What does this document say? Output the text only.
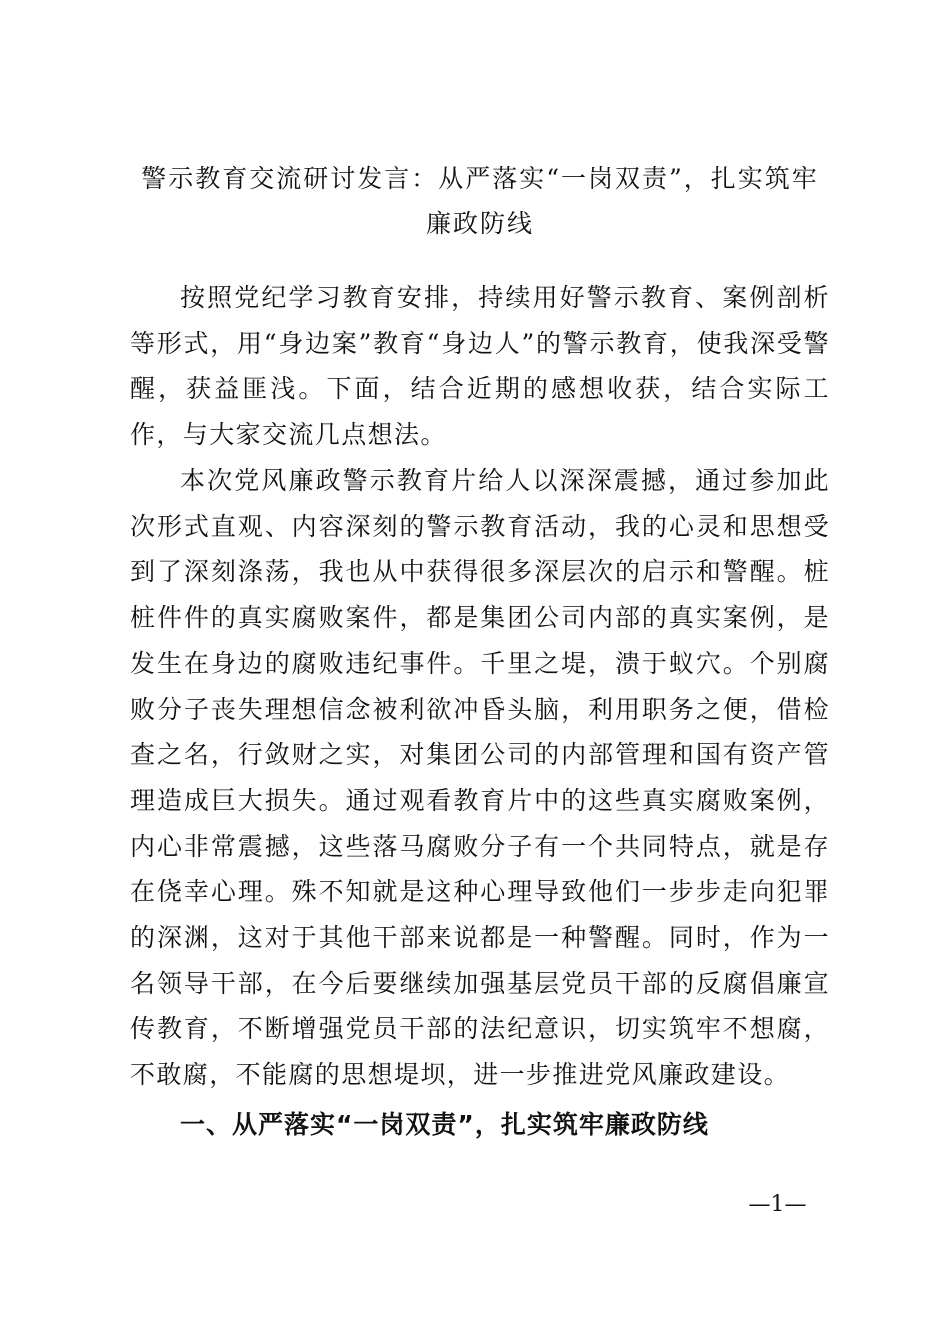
警示教育交流研讨发言：从严落实“一岗双责”，扎实筑牢廉政防线

按照党纪学习教育安排，持续用好警示教育、案例剖析等形式，用“身边案”教育“身边人”的警示教育，使我深受警醒，获益匪浅。下面，结合近期的感想收获，结合实际工作，与大家交流几点想法。

本次党风廉政警示教育片给人以深深震撼，通过参加此次形式直观、内容深刻的警示教育活动，我的心灵和思想受到了深刻涤荡，我也从中获得很多深层次的启示和警醒。桩桩件件的真实腐败案件，都是集团公司内部的真实案例，是发生在身边的腐败违纪事件。千里之堤，溃于蚁穴。个别腐败分子丧失理想信念被利欲冲昏头脑，利用职务之便，借检查之名，行敛财之实，对集团公司的内部管理和国有资产管理造成巨大损失。通过观看教育片中的这些真实腐败案例，内心非常震撼，这些落马腐败分子有一个共同特点，就是存在侥幸心理。殊不知就是这种心理导致他们一步步走向犯罪的深渊，这对于其他干部来说都是一种警醒。同时，作为一名领导干部，在今后要继续加强基层党员干部的反腐倡廉宣传教育，不断增强党员干部的法纪意识，切实筑牢不想腐，不敢腐，不能腐的思想堤坝，进一步推进党风廉政建设。

一、从严落实“一岗双责”，扎实筑牢廉政防线
—1—
